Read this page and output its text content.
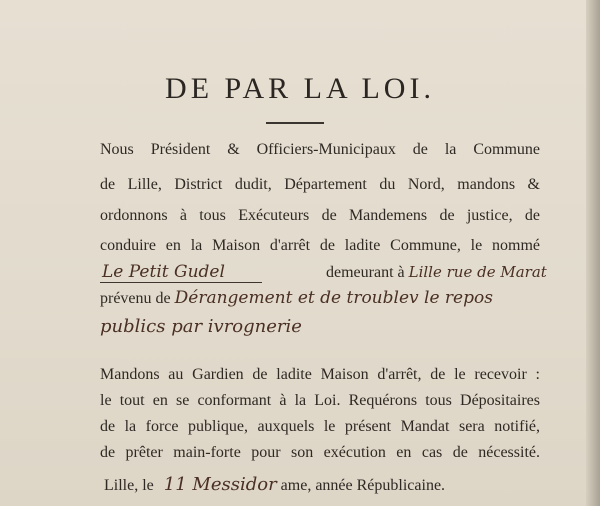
DE PAR LA LOI.
Nous Président & Officiers-Municipaux de la Commune
de Lille, District dudit, Département du Nord, mandons &
ordonnons à tous Exécuteurs de Mandemens de justice, de
conduire en la Maison d'arrêt de ladite Commune, le nommé
Le Petit Gudel	demeurant à Lille rue de Marat
prévenu de Dérangement et de troublev le repos
publics par ivrognerie
Mandons au Gardien de ladite Maison d'arrêt, de le recevoir :
le tout en se conformant à la Loi. Requérons tous Dépositaires
de la force publique, auxquels le présent Mandat sera notifié,
de prêter main-forte pour son exécution en cas de nécessité.
Lille, le 11 Messidor ame, année Républicaine.
